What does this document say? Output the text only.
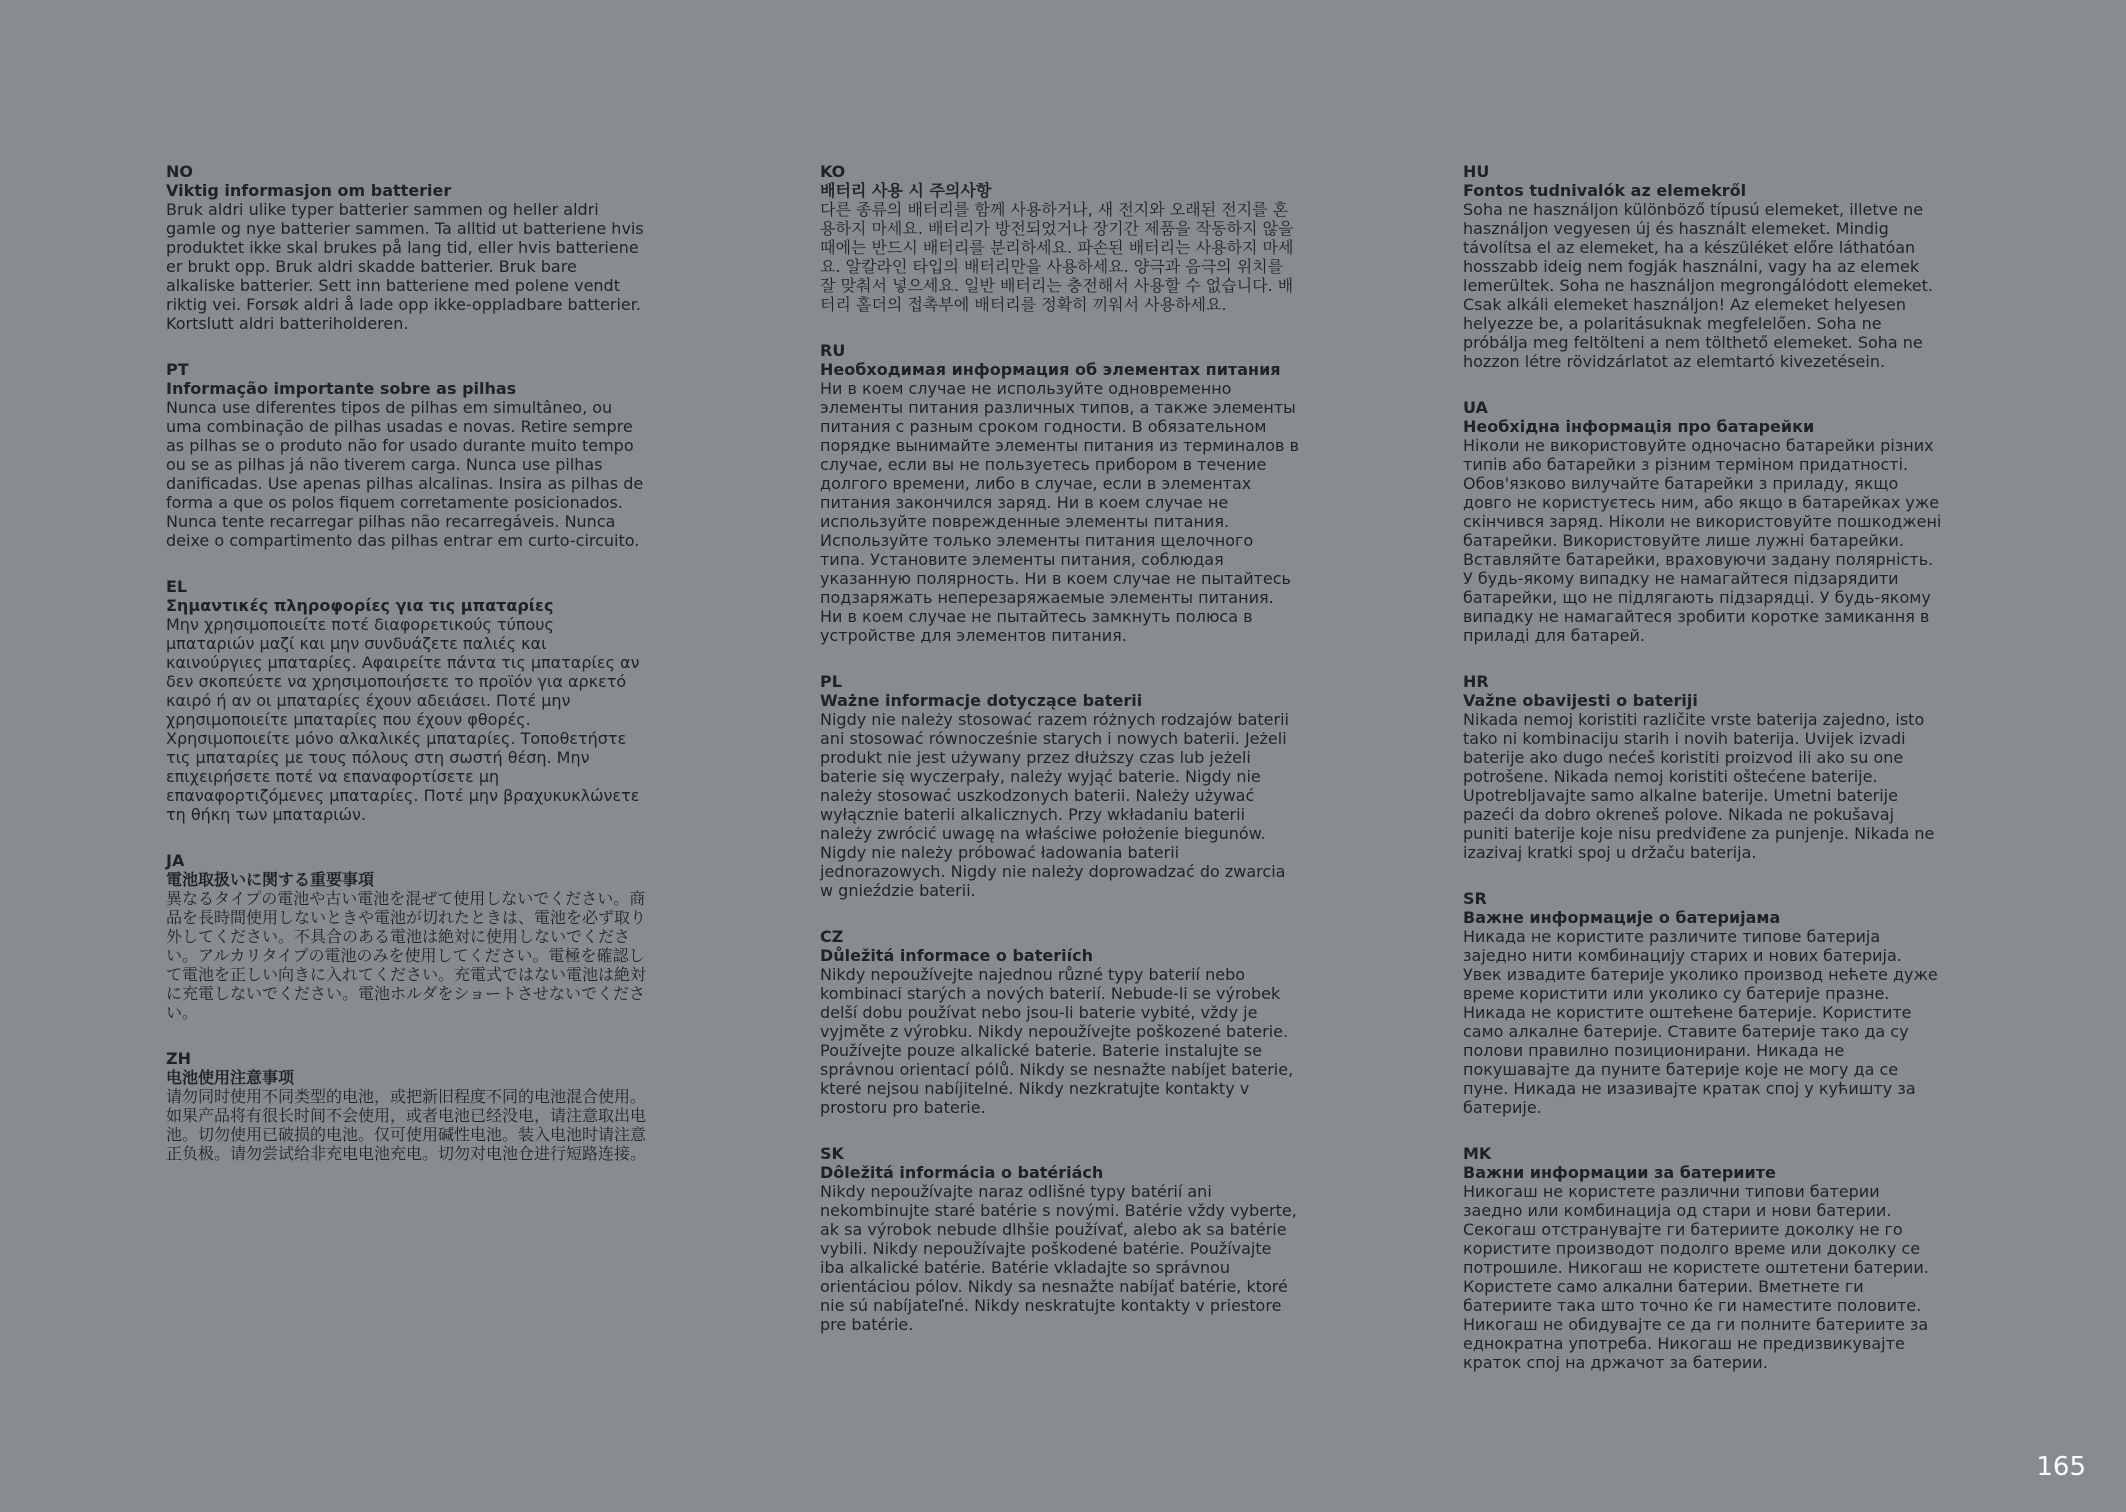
NO
Viktig informasjon om batterier

Bruk aldri ulike typer batterier sammen og heller aldri gamle og nye batterier sammen. Ta alltid ut batteriene hvis produktet ikke skal brukes på lang tid, eller hvis batteriene er brukt opp. Bruk aldri skadde batterier. Bruk bare alkaliske batterier. Sett inn batteriene med polene vendt riktig vei. Forsøk aldri å lade opp ikke-oppladbare batterier. Kortslutt aldri batteriholderen.

PT
Informação importante sobre as pilhas

Nunca use diferentes tipos de pilhas em simultâneo, ou uma combinação de pilhas usadas e novas. Retire sempre as pilhas se o produto não for usado durante muito tempo ou se as pilhas já não tiverem carga. Nunca use pilhas danificadas. Use apenas pilhas alcalinas. Insira as pilhas de forma a que os polos fiquem corretamente posicionados. Nunca tente recarregar pilhas não recarregáveis. Nunca deixe o compartimento das pilhas entrar em curto-circuito.

EL
Σημαντικές πληροφορίες για τις μπαταρίες

Μην χρησιμοποιείτε ποτέ διαφορετικούς τύπους μπαταριών μαζί και μην συνδυάζετε παλιές και καινούργιες μπαταρίες. Αφαιρείτε πάντα τις μπαταρίες αν δεν σκοπεύετε να χρησιμοποιήσετε το προϊόν για αρκετό καιρό ή αν οι μπαταρίες έχουν αδειάσει. Ποτέ μην χρησιμοποιείτε μπαταρίες που έχουν φθορές. Χρησιμοποιείτε μόνο αλκαλικές μπαταρίες. Τοποθετήστε τις μπαταρίες με τους πόλους στη σωστή θέση. Μην επιχειρήσετε ποτέ να επαναφορτίσετε μη επαναφορτιζόμενες μπαταρίες. Ποτέ μην βραχυκυκλώνετε τη θήκη των μπαταριών.

JA
電池取扱いに関する重要事項

異なるタイプの電池や古い電池を混ぜて使用しないでください。商品を長時間使用しないときや電池が切れたときは、電池を必ず取り外してください。不具合のある電池は絶対に使用しないでください。アルカリタイプの電池のみを使用してください。電極を確認して電池を正しい向きに入れてください。充電式ではない電池は絶対に充電しないでください。電池ホルダをショートさせないでください。

ZH
电池使用注意事项

请勿同时使用不同类型的电池，或把新旧程度不同的电池混合使用。如果产品将有很长时间不会使用，或者电池已经没电，请注意取出电池。切勿使用已破损的电池。仅可使用碱性电池。装入电池时请注意正负极。请勿尝试给非充电电池充电。切勿对电池仓进行短路连接。

KO
배터리 사용 시 주의사항

다른 종류의 배터리를 함께 사용하거나, 새 전지와 오래된 전지를 혼용하지 마세요. 배터리가 방전되었거나 장기간 제품을 작동하지 않을 때에는 반드시 배터리를 분리하세요. 파손된 배터리는 사용하지 마세요. 알칼라인 타입의 배터리만을 사용하세요. 양극과 음극의 위치를 잘 맞춰서 넣으세요. 일반 배터리는 충전해서 사용할 수 없습니다. 배터리 홀더의 접촉부에 배터리를 정확히 끼워서 사용하세요.

RU
Необходимая информация об элементах питания

Ни в коем случае не используйте одновременно элементы питания различных типов, а также элементы питания с разным сроком годности. В обязательном порядке вынимайте элементы питания из терминалов в случае, если вы не пользуетесь прибором в течение долгого времени, либо в случае, если в элементах питания закончился заряд. Ни в коем случае не используйте поврежденные элементы питания. Используйте только элементы питания щелочного типа. Установите элементы питания, соблюдая указанную полярность. Ни в коем случае не пытайтесь подзаряжать неперезаряжаемые элементы питания. Ни в коем случае не пытайтесь замкнуть полюса в устройстве для элементов питания.

PL
Ważne informacje dotyczące baterii

Nigdy nie należy stosować razem różnych rodzajów baterii ani stosować równocześnie starych i nowych baterii. Jeżeli produkt nie jest używany przez dłuższy czas lub jeżeli baterie się wyczerpały, należy wyjąć baterie. Nigdy nie należy stosować uszkodzonych baterii. Należy używać wyłącznie baterii alkalicznych. Przy wkładaniu baterii należy zwrócić uwagę na właściwe położenie biegunów. Nigdy nie należy próbować ładowania baterii jednorazowych. Nigdy nie należy doprowadzać do zwarcia w gnieździe baterii.

CZ
Důležitá informace o bateriích

Nikdy nepoužívejte najednou různé typy baterií nebo kombinaci starých a nových baterií. Nebude-li se výrobek delší dobu používat nebo jsou-li baterie vybité, vždy je vyjměte z výrobku. Nikdy nepoužívejte poškozené baterie. Používejte pouze alkalické baterie. Baterie instalujte se správnou orientací pólů. Nikdy se nesnažte nabíjet baterie, které nejsou nabíjitelné. Nikdy nezkratujte kontakty v prostoru pro baterie.

SK
Dôležitá informácia o batériách

Nikdy nepoužívajte naraz odlišné typy batérií ani nekombinujte staré batérie s novými. Batérie vždy vyberte, ak sa výrobok nebude dlhšie používať, alebo ak sa batérie vybili. Nikdy nepoužívajte poškodené batérie. Používajte iba alkalické batérie. Batérie vkladajte so správnou orientáciou pólov. Nikdy sa nesnažte nabíjať batérie, ktoré nie sú nabíjateľné. Nikdy neskratujte kontakty v priestore pre batérie.

HU
Fontos tudnivalók az elemekről

Soha ne használjon különböző típusú elemeket, illetve ne használjon vegyesen új és használt elemeket. Mindig távolítsa el az elemeket, ha a készüléket előre láthatóan hosszabb ideig nem fogják használni, vagy ha az elemek lemerültek. Soha ne használjon megrongálódott elemeket. Csak alkáli elemeket használjon! Az elemeket helyesen helyezze be, a polaritásuknak megfelelően. Soha ne próbálja meg feltölteni a nem tölthető elemeket. Soha ne hozzon létre rövidzárlatot az elemtartó kivezetésein.

UA
Необхідна інформація про батарейки

Ніколи не використовуйте одночасно батарейки різних типів або батарейки з різним терміном придатності. Обов'язково вилучайте батарейки з приладу, якщо довго не користуєтесь ним, або якщо в батарейках уже скінчився заряд. Ніколи не використовуйте пошкоджені батарейки. Використовуйте лише лужні батарейки. Вставляйте батарейки, враховуючи задану полярність. У будь-якому випадку не намагайтеся підзарядити батарейки, що не підлягають підзарядці. У будь-якому випадку не намагайтеся зробити коротке замикання в приладі для батарей.

HR
Važne obavijesti o bateriji

Nikada nemoj koristiti različite vrste baterija zajedno, isto tako ni kombinaciju starih i novih baterija. Uvijek izvadi baterije ako dugo nećeš koristiti proizvod ili ako su one potrošene. Nikada nemoj koristiti oštećene baterije. Upotrebljavajte samo alkalne baterije. Umetni baterije pazeći da dobro okreneš polove. Nikada ne pokušavaj puniti baterije koje nisu predviđene za punjenje. Nikada ne izazivaj kratki spoj u držaču baterija.

SR
Важне информације о батеријама

Никада не користите различите типове батерија заједно нити комбинацију старих и нових батерија. Увек извадите батерије уколико производ нећете дуже време користити или уколико су батерије празне. Никада не користите оштећене батерије. Користите само алкалне батерије. Ставите батерије тако да су полови правилно позиционирани. Никада не покушавајте да пуните батерије које не могу да се пуне. Никада не изазивајте кратак спој у кућишту за батерије.

MK
Важни информации за батериите

Никогаш не користете различни типови батерии заедно или комбинација од стари и нови батерии. Секогаш отстранувајте ги батериите доколку не го користите производот подолго време или доколку се потрошиле. Никогаш не користете оштетени батерии. Користете само алкални батерии. Вметнете ги батериите така што точно ќе ги наместите половите. Никогаш не обидувајте се да ги полните батериите за еднократна употреба. Никогаш не предизвикувајте краток спој на држачот за батерии.

165
